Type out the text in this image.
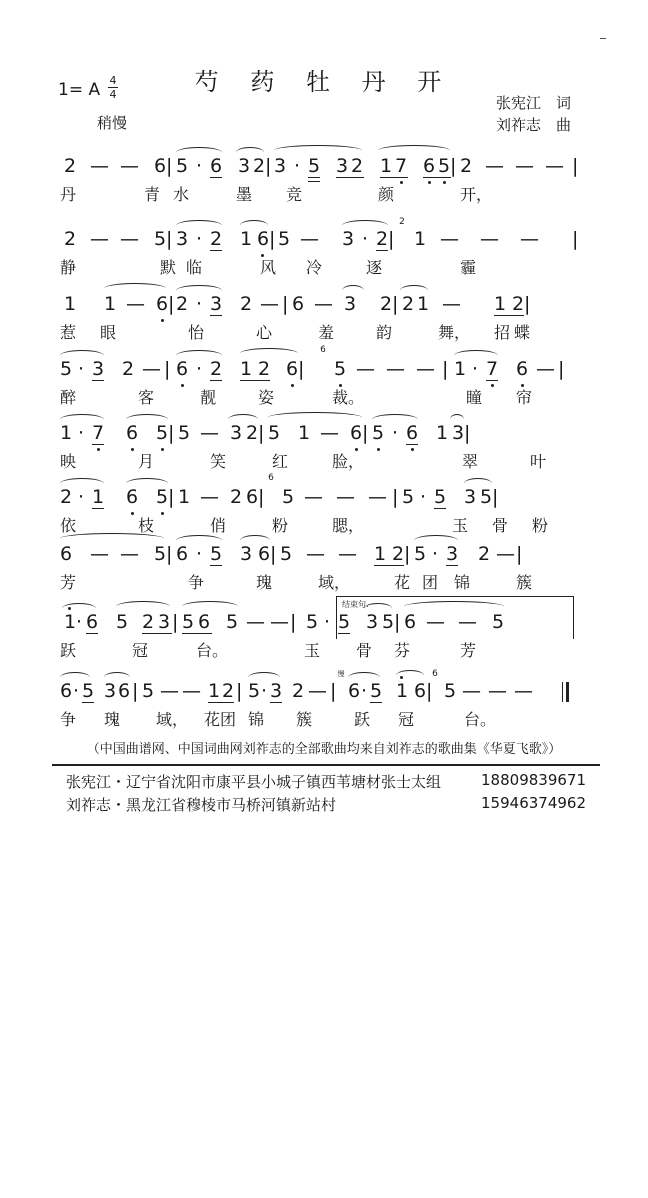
芍 药 牡 丹 开
1= A 4
4
稍慢
张宪江　词
刘祚志　曲

2 — — 6 |

5 · 6 3 2 |

3 · 5 3 2 1 7 6 5 |

2 — — — |

丹

	青

水

	墨

竞

	颜

	开，

2 — — 5 |

3 · 2 1 6 |

5 — 3 · 2 |

1 — — — |

2

静

	默

临

	风

冷

	逐

	霾

1 1 — 6 |

2 · 3 2 — |

6 — 3 2 |

2 1 — 1 2 |

惹

眼

	怡

	心

	羞

	韵

	舞，

招

蝶

5 · 3 2 — |

6 · 2 1 2 6 |

5 — — — |

1 · 7 6 — |

6

醉

	客

	靓

	姿

	裁。

	瞳

帘

1 · 7 6 5 |

5 — 3 2 |

5 1 — 6 |

5 · 6 1 3 |

映

	月

	笑

	红

	脸，

	翠

	叶

2 · 1 6 5 |

1 — 2 6 |

5 — — — |

5 · 5 3 5 |

6

依

	枝

	俏

	粉

	腮，

	玉

骨

粉

6 — — 5 |

6 · 5 3 6 |

5 — — 1 2 |

5 · 3 2 — |

芳

	争

	瑰

	域，

	花

团

锦

	簇

结束句.

1 · 6 5 2 3 |

5 6 5 — — |

5 · 5 3 5 |

6 — — 5

跃

	冠

	台。

	玉

骨

芬

	芳

6 · 5 3 6 |

5 — — 1 2 |

5 · 3 2 — |

6 · 5 1 6 |

5 — — —

慢

	6

争

瑰

域，

花团

锦

簇

	跃

冠

	台。

（中国曲谱网、中国词曲网刘祚志的全部歌曲均来自刘祚志的歌曲集《华夏飞歌》）
张宪江・辽宁省沈阳市康平县小城子镇西苇塘材张士太组	18809839671
刘祚志・黑龙江省穆棱市马桥河镇新站村	15946374962
